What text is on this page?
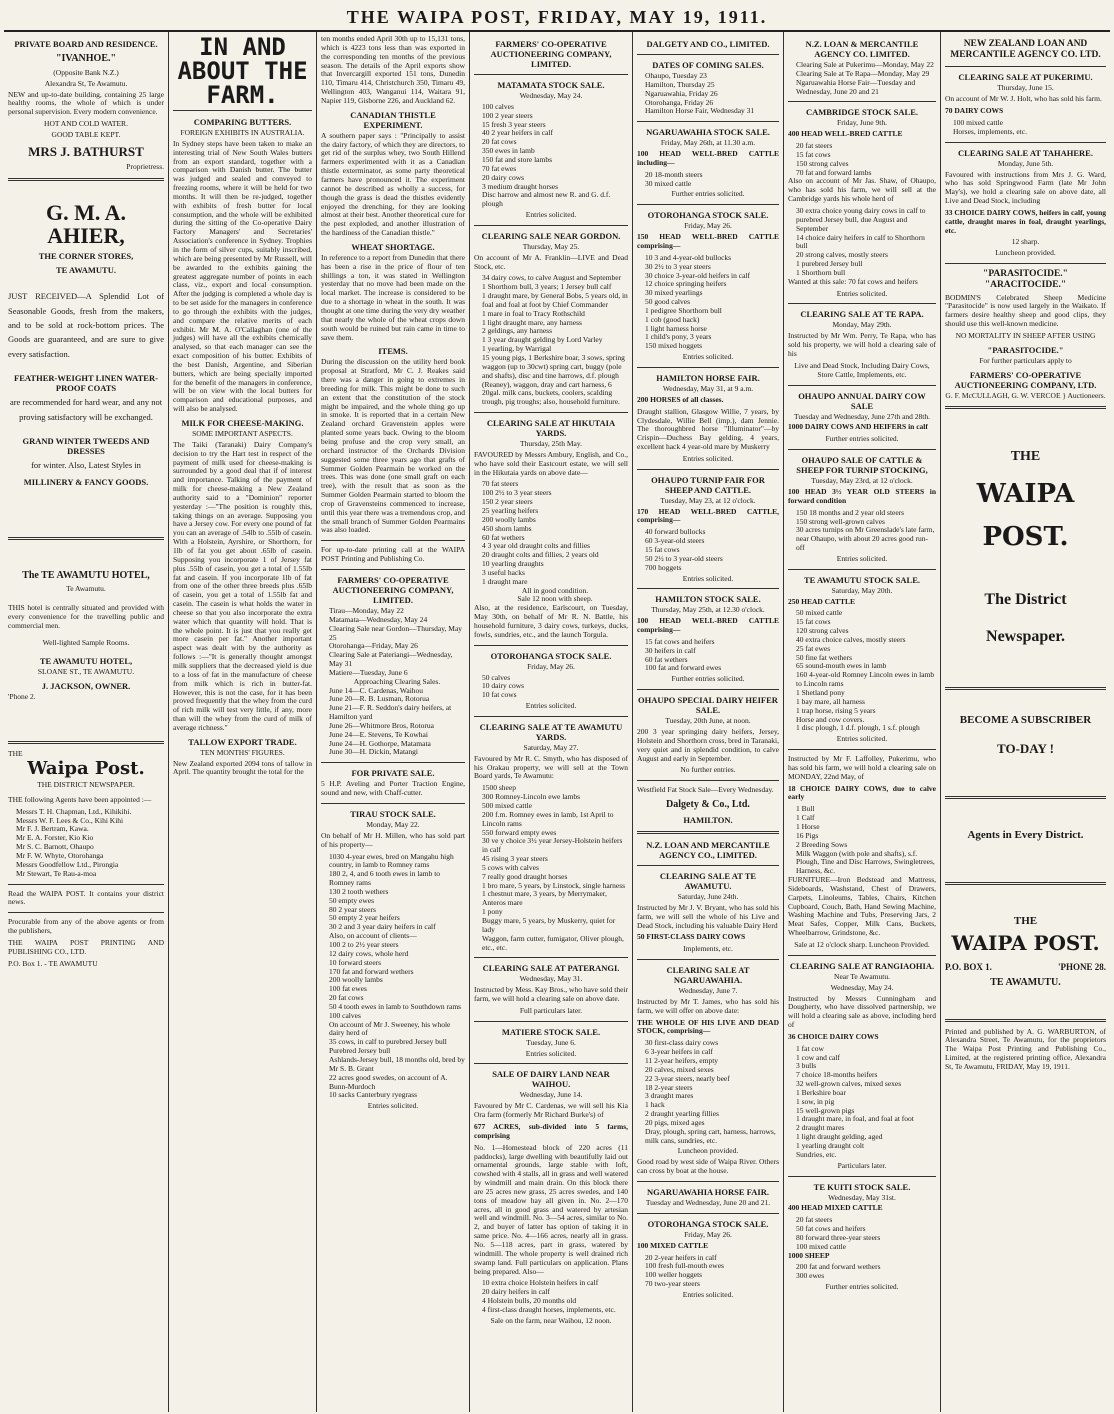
THE WAIPA POST, FRIDAY, MAY 19, 1911.
PRIVATE BOARD AND RESIDENCE.
"IVANHOE."
(Opposite Bank N.Z.)
Alexandra St, Te Awamutu.

NEW and up-to-date building, containing 25 large healthy rooms, the whole of which is under personal supervision. Every modern convenience.

HOT AND COLD WATER.
GOOD TABLE KEPT.
MRS J. BATHURST
Proprietress.
G. M. A. AHIER,
THE CORNER STORES,
TE AWAMUTU.

JUST RECEIVED—A Splendid Lot of Seasonable Goods, fresh from the makers, and to be sold at rock-bottom prices. The Goods are guaranteed, and are sure to give every satisfaction.

FEATHER-WEIGHT LINEN WATER-PROOF COATS

are recommended for hard wear, and any not proving satisfactory will be exchanged.

GRAND WINTER TWEEDS AND DRESSES

for winter. Also, Latest Styles in

MILLINERY & FANCY GOODS.
The TE AWAMUTU HOTEL,
Te Awamutu.

THIS hotel is centrally situated and provided with every convenience for the travelling public and commercial men.

Well-lighted Sample Rooms.
TE AWAMUTU HOTEL,
SLOANE ST., TE AWAMUTU.
J. JACKSON, OWNER.
'Phone 2.
THE
Waipa Post.
THE DISTRICT NEWSPAPER.

THE following Agents have been appointed :—

Messrs T. H. Chapman, Ltd., Kihikihi.
Messrs W. F. Lees & Co., Kihi Kihi
Mr F. J. Bertram, Kawa.
Mr E. A. Forster, Kio Kio
Mr S. C. Barnott, Ohaupo
Mr F. W. Whyte, Otorohanga
Messrs Goodfellow Ltd., Pirongia
Mr Stewart, Te Rau-a-moa

Read the WAIPA POST. It contains your district news.

Procurable from any of the above agents or from the publishers,

THE WAIPA POST PRINTING AND PUBLISHING CO., LTD.

P.O. Box 1. - TE AWAMUTU
IN AND ABOUT THE FARM.
COMPARING BUTTERS.
FOREIGN EXHIBITS IN AUSTRALIA.

In Sydney steps have been taken to make an interesting trial of New South Wales butters from an export standard, together with a comparison with Danish butter. The butter was judged and sealed and conveyed to freezing rooms, where it will be held for two months. It will then be re-judged, together with exhibits of fresh butter for local consumption, and the whole will be exhibited during the sitting of the Co-operative Dairy Factory Managers' and Secretaries' Association's conference in Sydney. Trophies in the form of silver cups, suitably inscribed, which are being presented by Mr Russell, will be awarded to the exhibits gaining the greatest aggregate number of points in each class, viz., export and local consumption. After the judging is completed a whole day is to be set aside for the managers in conference to go through the exhibits with the judges, and compare the relative merits of each exhibit. Mr M. A. O'Callaghan (one of the judges) will have all the exhibits chemically analysed, so that each manager can see the exact composition of his butter. Exhibits of the best Danish, Argentine, and Siberian butters, which are being specially imported for the benefit of the managers in conference, will be on view with the local butters for comparison and educational purposes, and will also be analysed.

MILK FOR CHEESE-MAKING.
SOME IMPORTANT ASPECTS.

The Taiki (Taranaki) Dairy Company's decision to try the Hart test in respect of the payment of milk used for cheese-making is surrounded by a good deal that if of interest and importance. Talking of the payment of milk for cheese-making a New Zealand authority said to a "Dominion" reporter yesterday :—"The position is roughly this, taking things on an average. Supposing you have a Jersey cow. For every one pound of fat you can an average of .54lb to .55lb of casein. With a Holstein, Ayrshire, or Shorthorn, for 1lb of fat you get about .65lb of casein. Supposing you incorporate 1 of Jersey fat plus .55lb of casein, you get a total of 1.55lb fat and casein. If you incorporate 1lb of fat from one of the other three breeds plus .65lb of casein, you get a total of 1.55lb fat and casein. The casein is what holds the water in cheese so that you also incorporate the extra water which that quantity will hold. That is the whole point. It is just that you really get more casein per fat." Another important aspect was dealt with by the authority as follows :—"It is generally thought amongst milk suppliers that the decreased yield is due to a loss of fat in the manufacture of cheese from milk which is rich in butter-fat. However, this is not the case, for it has been proved frequently that the whey from the curd of rich milk will test very little, if any, more than will the whey from the curd of milk of average richness."

TALLOW EXPORT TRADE.
TEN MONTHS' FIGURES.

New Zealand exported 2094 tons of tallow in April. The quantity brought the total for the

ten months ended April 30th up to 15,131 tons, which is 4223 tons less than was exported in the corresponding ten months of the previous season. The details of the April exports show that Invercargill exported 151 tons, Dunedin 110, Timaru 414, Christchurch 350, Timaru 49, Wellington 403, Wanganui 114, Waitara 91, Napier 119, Gisborne 226, and Auckland 62.

CANADIAN THISTLE EXPERIMENT.

A southern paper says : "Principally to assist the dairy factory, of which they are directors, to get rid of the surplus whey, two South Hillend farmers experimented with it as a Canadian thistle exterminator, as some party theoretical farmers have pronounced it. The experiment cannot be described as wholly a success, for though the grass is dead the thistles evidently enjoyed the drenching, for they are looking almost at their best. Another theoretical cure for the pest exploded, and another illustration of the hardiness of the Canadian thistle."

WHEAT SHORTAGE.

In reference to a report from Dunedin that there has been a rise in the price of flour of ten shillings a ton, it was stated in Wellington yesterday that no move had been made on the local market. The increase is considered to be due to a shortage in wheat in the south. It was thought at one time during the very dry weather that nearly the whole of the wheat crops down south would be ruined but rain came in time to save them.

ITEMS.

During the discussion on the utility herd book proposal at Stratford, Mr C. J. Reakes said there was a danger in going to extremes in breeding for milk. This might be done to such an extent that the constitution of the stock might be impaired, and the whole thing go up in smoke. It is reported that in a certain New Zealand orchard Gravenstein apples were planted some years back. Owing to the bloom being profuse and the crop very small, an orchard instructor of the Orchards Division suggested some three years ago that grafts of Summer Golden Pearmain be worked on the trees. This was done (one small graft on each tree), with the result that as soon as the Summer Golden Pearmain started to bloom the crop of Gravensteins commenced to increase, until this year there was a tremendous crop, and the small branch of Summer Golden Pearmains was also loaded.

For up-to-date printing call at the WAIPA POST Printing and Publishing Co.

FARMERS' CO-OPERATIVE AUCTIONEERING COMPANY, LIMITED.
Tirau—Monday, May 22
Matamata—Wednesday, May 24
Clearing Sale near Gordon—Thursday, May 25
Otorohanga—Friday, May 26
Clearing Sale at Pateriangi—Wednesday, May 31
Matiere—Tuesday, June 6
Approaching Clearing Sales.
June 14—C. Cardenas, Waihou
June 20—R. B. Lusman, Rotorua
June 21—F. R. Seddon's dairy heifers, at Hamilton yard
June 26—Whitmore Bros, Rotorua
June 24—E. Stevens, Te Kowhai
June 24—H. Gothorpe, Matamata
June 30—H. Dickin, Matangi
FOR PRIVATE SALE.

5 H.P. Aveling and Porter Traction Engine, sound and new, with Chaff-cutter.

TIRAU STOCK SALE.
Monday, May 22.

On behalf of Mr H. Millen, who has sold part of his property—

1030 4-year ewes, bred on Mangahu high country, in lamb to Romney rams
180 2, 4, and 6 tooth ewes in lamb to Romney rams
130 2 tooth wethers
50 empty ewes
80 2 year steers
50 empty 2 year heifers
30 2 and 3 year dairy heifers in calf
Also, on account of clients—
100 2 to 2½ year steers
12 dairy cows, whole herd
10 forward steers
170 fat and forward wethers
200 woolly lambs
100 fat ewes
20 fat cows
50 4 tooth ewes in lamb to Southdown rams
100 calves
On account of Mr J. Sweeney, his whole dairy herd of
35 cows, in calf to purebred Jersey bull
Purebred Jersey bull
Ashlands-Jersey bull, 18 months old, bred by Mr S. B. Grant
22 acres good swedes, on account of A. Bunn-Murdoch
10 sacks Canterbury ryegrass
Entries solicited.
FARMERS' CO-OPERATIVE AUCTIONEERING COMPANY, LIMITED.
MATAMATA STOCK SALE.
Wednesday, May 24.
100 calves
100 2 year steers
15 fresh 3 year steers
40 2 year heifers in calf
20 fat cows
350 ewes in lamb
150 fat and store lambs
70 fat ewes
20 dairy cows
3 medium draught horses
Disc harrow and almost new R. and G. d.f. plough
Entries solicited.
CLEARING SALE NEAR GORDON.
Thursday, May 25.

On account of Mr A. Franklin—LIVE and Dead Stock, etc.

34 dairy cows, to calve August and September
1 Shorthorn bull, 3 years; 1 Jersey bull calf
1 draught mare, by General Bobs, 5 years old, in foal and foal at foot by Chief Commander
1 mare in foal to Tracy Rothschild
1 light draught mare, any harness
2 geldings, any harness
1 3 year draught gelding by Lord Varley
1 yearling, by Warrigal
15 young pigs, 1 Berkshire boar, 3 sows, spring waggon (up to 30cwt) spring cart, buggy (pole and shafts), disc and tine harrows, d.f. plough (Reaney), waggon, dray and cart harness, 6 20gal. milk cans, buckets, coolers, scalding trough, pig troughs; also, household furniture.
CLEARING SALE AT HIKUTAIA YARDS.
Thursday, 25th May.

FAVOURED by Messrs Ambury, English, and Co., who have sold their Eastcourt estate, we will sell in the Hikutaia yards on above date—

70 fat steers
100 2½ to 3 year steers
150 2 year steers
25 yearling heifers
200 woolly lambs
450 shorn lambs
60 fat wethers
4 3 year old draught colts and fillies
20 draught colts and fillies, 2 years old
10 yearling draughts
3 useful hacks
1 draught mare
All in good condition.
Sale 12 noon with sheep.

Also, at the residence, Earlscourt, on Tuesday, May 30th, on behalf of Mr R. N. Battle, his household furniture, 3 dairy cows, turkeys, ducks, fowls, sundries, etc., and the launch Torgula.

OTOROHANGA STOCK SALE.
Friday, May 26.
50 calves
10 dairy cows
10 fat cows
Entries solicited.
CLEARING SALE AT TE AWAMUTU YARDS.
Saturday, May 27.

Favoured by Mr R. C. Smyth, who has disposed of his Orakau property, we will sell at the Town Board yards, Te Awamutu:

1500 sheep
300 Romney-Lincoln ewe lambs
500 mixed cattle
200 f.m. Romney ewes in lamb, 1st April to Lincoln rams
550 forward empty ewes
30 ve y choice 3½ year Jersey-Holstein heifers in calf
45 rising 3 year steers
5 cows with calves
7 really good draught horses
1 bro mare, 5 years, by Linstock, single harness
1 chestnut mare, 3 years, by Merrymaker, Anteros mare
1 pony
Buggy mare, 5 years, by Muskerry, quiet for lady
Waggon, farm cutter, fumigator, Oliver plough, etc., etc.
CLEARING SALE AT PATERANGI.
Wednesday, May 31.

Instructed by Mess. Kay Bros., who have sold their farm, we will hold a clearing sale on above date.

Full particulars later.
MATIERE STOCK SALE.
Tuesday, June 6.
Entries solicited.
SALE OF DAIRY LAND NEAR WAIHOU.
Wednesday, June 14.

Favoured by Mr C. Cardenas, we will sell his Kia Ora farm (formerly Mr Richard Burke's) of

677 ACRES, sub-divided into 5 farms, comprising

No. 1—Homestead block of 220 acres (11 paddocks), large dwelling with beautifully laid out ornamental grounds, large stable with loft, cowshed with 4 stalls, all in grass and well watered by windmill and main drain. On this block there are 25 acres new grass, 25 acres swedes, and 140 tons of meadow hay all given in. No. 2—170 acres, all in good grass and watered by artesian well and windmill. No. 3—54 acres, similar to No. 2, and buyer of latter has option of taking it in same price. No. 4—166 acres, nearly all in grass. No. 5—118 acres, part in grass, watered by windmill. The whole property is well drained rich swamp land. Full particulars on application. Plans being prepared. Also—

10 extra choice Holstein heifers in calf
20 dairy heifers in calf
4 Holstein bulls, 20 months old
4 first-class draught horses, implements, etc.
Sale on the farm, near Waihou, 12 noon.
DALGETY AND CO., LIMITED.
DATES OF COMING SALES.
Ohaupo, Tuesday 23
Hamilton, Thursday 25
Ngaruawahia, Friday 26
Otorohanga, Friday 26
Hamilton Horse Fair, Wednesday 31
NGARUAWAHIA STOCK SALE.
Friday, May 26th, at 11.30 a.m.

100 HEAD WELL-BRED CATTLE including—

20 18-month steers
30 mixed cattle
Further entries solicited.
OTOROHANGA STOCK SALE.
Friday, May 26.

150 HEAD WELL-BRED CATTLE comprising—

10 3 and 4-year-old bullocks
30 2½ to 3 year steers
30 choice 3-year-old heifers in calf
12 choice springing heifers
30 mixed yearlings
50 good calves
1 pedigree Shorthorn bull
1 cob (good hack)
1 light harness horse
1 child's pony, 3 years
150 mixed hoggets
Entries solicited.
HAMILTON HORSE FAIR.
Wednesday, May 31, at 9 a.m.

200 HORSES of all classes.

Draught stallion, Glasgow Willie, 7 years, by Clydesdale, Willie Bell (imp.), dam Jennie. The thoroughbred horse "Illuminator"—by Crispin—Duchess Bay gelding, 4 years, excellent hack 4 year-old mare by Muskerry

Entries solicited.
OHAUPO TURNIP FAIR FOR SHEEP AND CATTLE.
Tuesday, May 23, at 12 o'clock.

170 HEAD WELL-BRED CATTLE, comprising—

40 forward bullocks
60 3-year-old steers
15 fat cows
50 2½ to 3 year-old steers
700 hoggets
Entries solicited.
HAMILTON STOCK SALE.
Thursday, May 25th, at 12.30 o'clock.

100 HEAD WELL-BRED CATTLE comprising—

15 fat cows and heifers
30 heifers in calf
60 fat wethers
100 fat and forward ewes
Further entries solicited.
OHAUPO SPECIAL DAIRY HEIFER SALE.
Tuesday, 20th June, at noon.

200 3 year springing dairy heifers, Jersey, Holstein and Shorthorn cross, bred in Taranaki, very quiet and in splendid condition, to calve August and early in September.

No further entries.

Westfield Fat Stock Sale—Every Wednesday.

Dalgety & Co., Ltd.
HAMILTON.
N.Z. LOAN AND MERCANTILE AGENCY CO., LIMITED.
CLEARING SALE AT TE AWAMUTU.
Saturday, June 24th.

Instructed by Mr J. V. Bryant, who has sold his farm, we will sell the whole of his Live and Dead Stock, including his valuable Dairy Herd

50 FIRST-CLASS DAIRY COWS

Implements, etc.
CLEARING SALE AT NGARUAWAHIA.
Wednesday, June 7.

Instructed by Mr T. James, who has sold his farm, we will offer on above date:

THE WHOLE OF HIS LIVE AND DEAD STOCK, comprising—

30 first-class dairy cows
6 3-year heifers in calf
11 2-year heifers, empty
20 calves, mixed sexes
22 3-year steers, nearly beef
18 2-year steers
3 draught mares
1 hack
2 draught yearling fillies
20 pigs, mixed ages
Dray, plough, spring cart, harness, harrows, milk cans, sundries, etc.
Luncheon provided.

Good road by west side of Waipa River. Others can cross by boat at the house.

NGARUAWAHIA HORSE FAIR.
Tuesday and Wednesday, June 20 and 21.
OTOROHANGA STOCK SALE.
Friday, May 26.

100 MIXED CATTLE

20 2-year heifers in calf
100 fresh full-mouth ewes
100 weller hoggets
70 two-year steers
Entries solicited.
N.Z. LOAN & MERCANTILE AGENCY CO. LIMITED.
Clearing Sale at Pukerimu—Monday, May 22
Clearing Sale at Te Rapa—Monday, May 29
Ngaruawahia Horse Fair—Tuesday and Wednesday, June 20 and 21
CAMBRIDGE STOCK SALE.
Friday, June 9th.

400 HEAD WELL-BRED CATTLE

20 fat steers
15 fat cows
150 strong calves
70 fat and forward lambs

Also on account of Mr Jas. Shaw, of Ohaupo, who has sold his farm, we will sell at the Cambridge yards his whole herd of

30 extra choice young dairy cows in calf to purebred Jersey bull, due August and September
14 choice dairy heifers in calf to Shorthorn bull
20 strong calves, mostly steers
1 purebred Jersey bull
1 Shorthorn bull

Wanted at this sale: 70 fat cows and heifers

Entries solicited.
CLEARING SALE AT TE RAPA.
Monday, May 29th.

Instructed by Mr Wm. Perry, Te Rapa, who has sold his property, we will hold a clearing sale of his

Live and Dead Stock, Including Dairy Cows, Store Cattle, Implements, etc.

OHAUPO ANNUAL DAIRY COW SALE
Tuesday and Wednesday, June 27th and 28th.

1000 DAIRY COWS AND HEIFERS in calf

Further entries solicited.
OHAUPO SALE OF CATTLE & SHEEP FOR TURNIP STOCKING,
Tuesday, May 23rd, at 12 o'clock.

100 HEAD 3½ YEAR OLD STEERS in forward condition

150 18 months and 2 year old steers
150 strong well-grown calves
30 acres turnips on Mr Greenslade's late farm, near Ohaupo, with about 20 acres good run-off
Entries solicited.
TE AWAMUTU STOCK SALE.
Saturday, May 20th.

250 HEAD CATTLE

50 mixed cattle
15 fat cows
120 strong calves
40 extra choice calves, mostly steers
25 fat ewes
50 fine fat wethers
65 sound-mouth ewes in lamb
160 4-year-old Romney Lincoln ewes in lamb to Lincoln rams
1 Shetland pony
1 bay mare, all harness
1 trap horse, rising 5 years
Horse and cow covers.
1 disc plough, 1 d.f. plough, 1 s.f. plough
Entries solicited.

Instructed by Mr F. Laffolley, Pukerimu, who has sold his farm, we will hold a clearing sale on MONDAY, 22nd May, of

18 CHOICE DAIRY COWS, due to calve early

1 Bull
1 Calf
1 Horse
16 Pigs
2 Breeding Sows
Milk Waggon (with pole and shafts), s.f. Plough, Tine and Disc Harrows, Swingletrees, Harness, &c.

FURNITURE—Iron Bedstead and Mattress, Sideboards, Washstand, Chest of Drawers, Carpets, Linoleums, Tables, Chairs, Kitchen Cupboard, Couch, Bath, Hand Sewing Machine, Washing Machine and Tubs, Preserving Jars, 2 Meat Safes, Copper, Milk Cans, Buckets, Wheelbarrow, Grindstone, &c.

Sale at 12 o'clock sharp. Luncheon Provided.
CLEARING SALE AT RANGIAOHIA.
Near Te Awamutu.
Wednesday, May 24.

Instructed by Messrs Cunningham and Dougherty, who have dissolved partnership, we will hold a clearing sale as above, including herd of

36 CHOICE DAIRY COWS

1 fat cow
1 cow and calf
3 bulls
7 choice 18-months heifers
32 well-grown calves, mixed sexes
1 Berkshire boar
1 sow, in pig
15 well-grown pigs
1 draught mare, in foal, and foal at foot
2 draught mares
1 light draught gelding, aged
1 yearling draught colt
Sundries, etc.
Particulars later.
TE KUITI STOCK SALE.
Wednesday, May 31st.

400 HEAD MIXED CATTLE

20 fat steers
50 fat cows and heifers
80 forward three-year steers
100 mixed cattle

1000 SHEEP

200 fat and forward wethers
300 ewes
Further entries solicited.
NEW ZEALAND LOAN AND MERCANTILE AGENCY CO. LTD.
CLEARING SALE AT PUKERIMU.
Thursday, June 15.

On account of Mr W. J. Holt, who has sold his farm.

70 DAIRY COWS

100 mixed cattle
Horses, implements, etc.
CLEARING SALE AT TAHAHERE.
Monday, June 5th.

Favoured with instructions from Mrs J. G. Ward, who has sold Springwood Farm (late Mr John May's), we hold a clearing sale on above date, all Live and Dead Stock, including

33 CHOICE DAIRY COWS, heifers in calf, young cattle, draught mares in foal, draught yearlings, etc.

12 sharp.
Luncheon provided.
"PARASITOCIDE." "ARACITOCIDE."

BODMIN'S Celebrated Sheep Medicine "Parasitocide" is now used largely in the Waikato. If farmers desire healthy sheep and good clips, they should use this well-known medicine.

NO MORTALITY IN SHEEP AFTER USING
"PARASITOCIDE."
For further particulars apply to
FARMERS' CO-OPERATIVE AUCTIONEERING COMPANY, LTD.
G. F. McCULLAGH, G. W. VERCOE } Auctioneers.
THE
WAIPA
POST.
The District
Newspaper.
BECOME A SUBSCRIBER
TO-DAY !
Agents in Every District.
THE
WAIPA POST.
P.O. BOX 1.	'PHONE 28.
TE AWAMUTU.

Printed and published by A. G. WARBURTON, of Alexandra Street, Te Awamutu, for the proprietors The Waipa Post Printing and Publishing Co., Limited, at the registered printing office, Alexandra St, Te Awamutu, FRIDAY, May 19, 1911.
